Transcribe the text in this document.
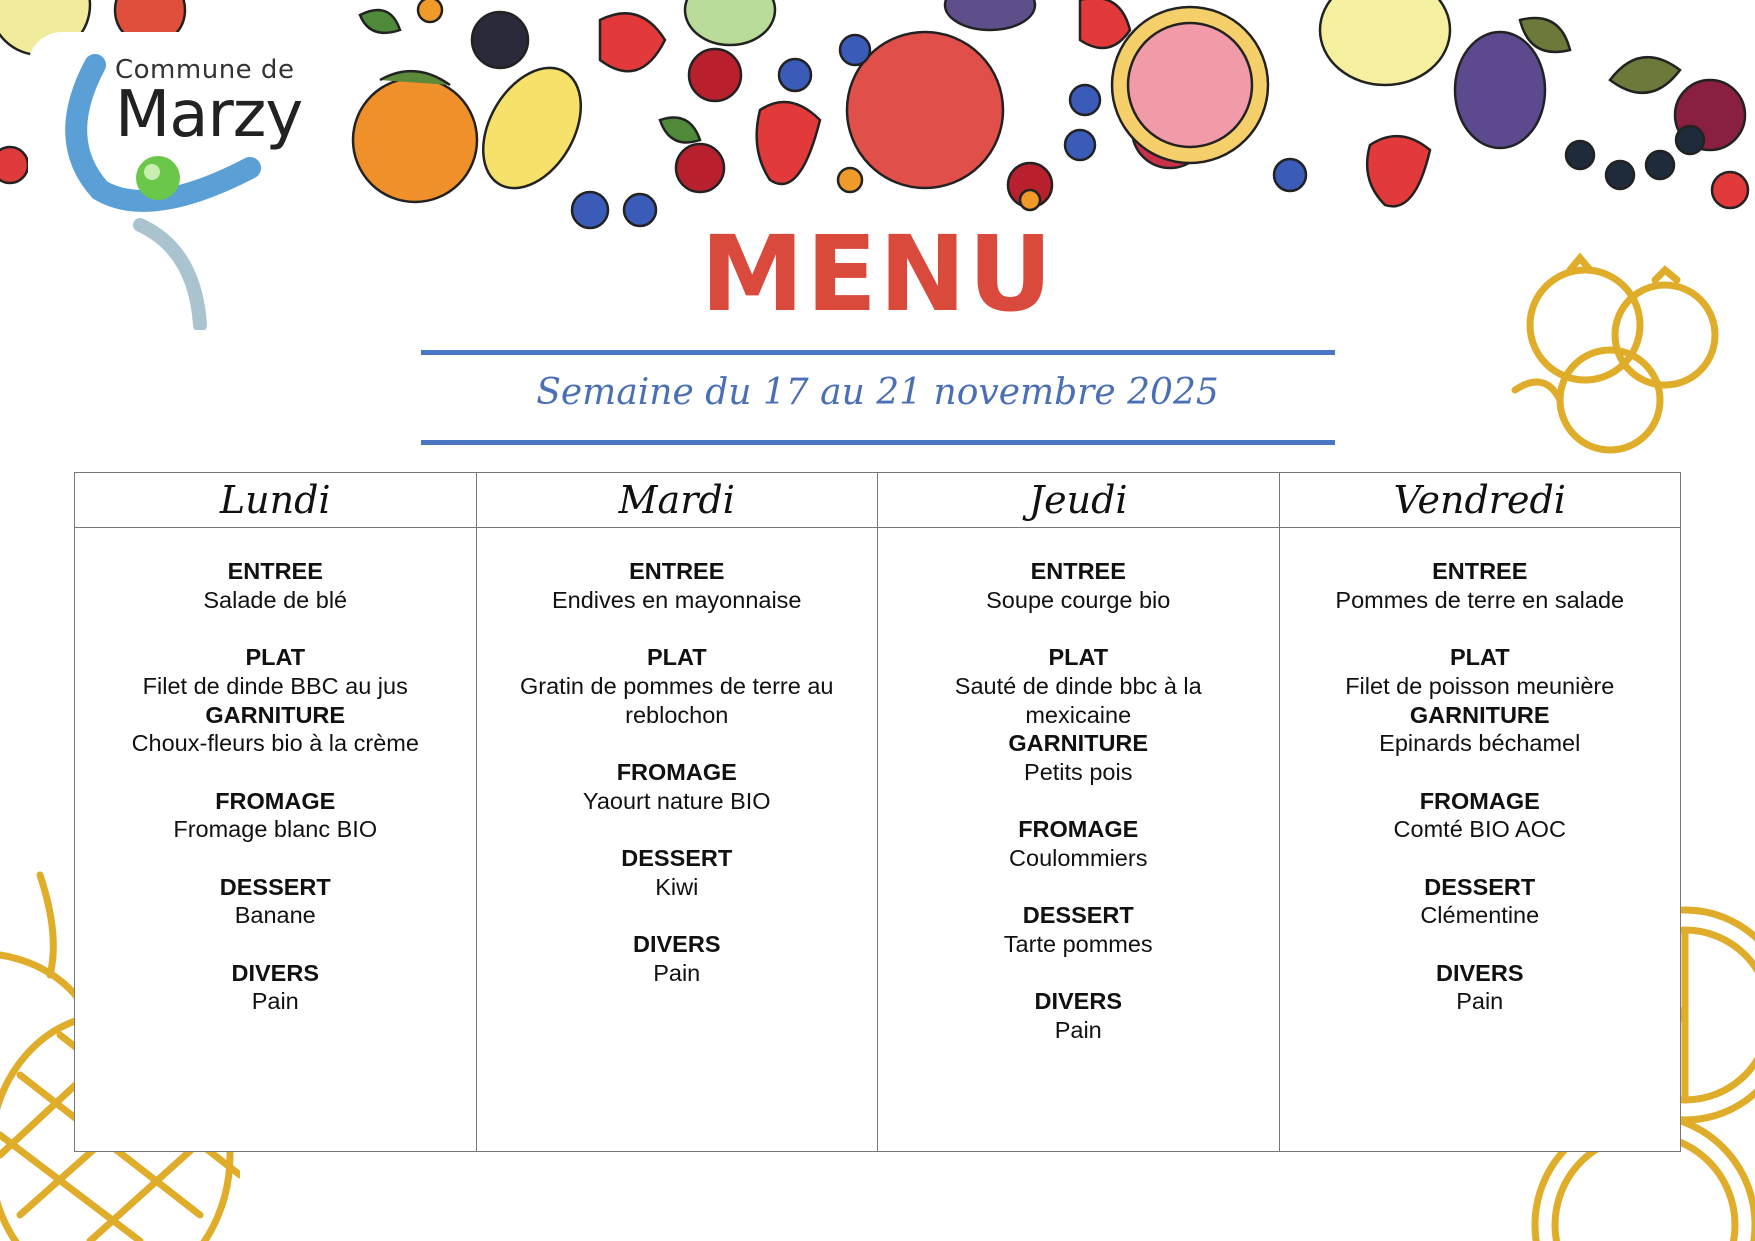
Commune de
Marzy
MENU
Semaine du 17 au 21 novembre 2025
Lundi
ENTREE
Salade de blé
PLAT
Filet de dinde BBC au jus
GARNITURE
Choux-fleurs bio à la crème
FROMAGE
Fromage blanc BIO
DESSERT
Banane
DIVERS
Pain
Mardi
ENTREE
Endives en mayonnaise
PLAT
Gratin de pommes de terre au reblochon
FROMAGE
Yaourt nature BIO
DESSERT
Kiwi
DIVERS
Pain
Jeudi
ENTREE
Soupe courge bio
PLAT
Sauté de dinde bbc à la mexicaine
GARNITURE
Petits pois
FROMAGE
Coulommiers
DESSERT
Tarte pommes
DIVERS
Pain
Vendredi
ENTREE
Pommes de terre en salade
PLAT
Filet de poisson meunière
GARNITURE
Epinards béchamel
FROMAGE
Comté BIO AOC
DESSERT
Clémentine
DIVERS
Pain
